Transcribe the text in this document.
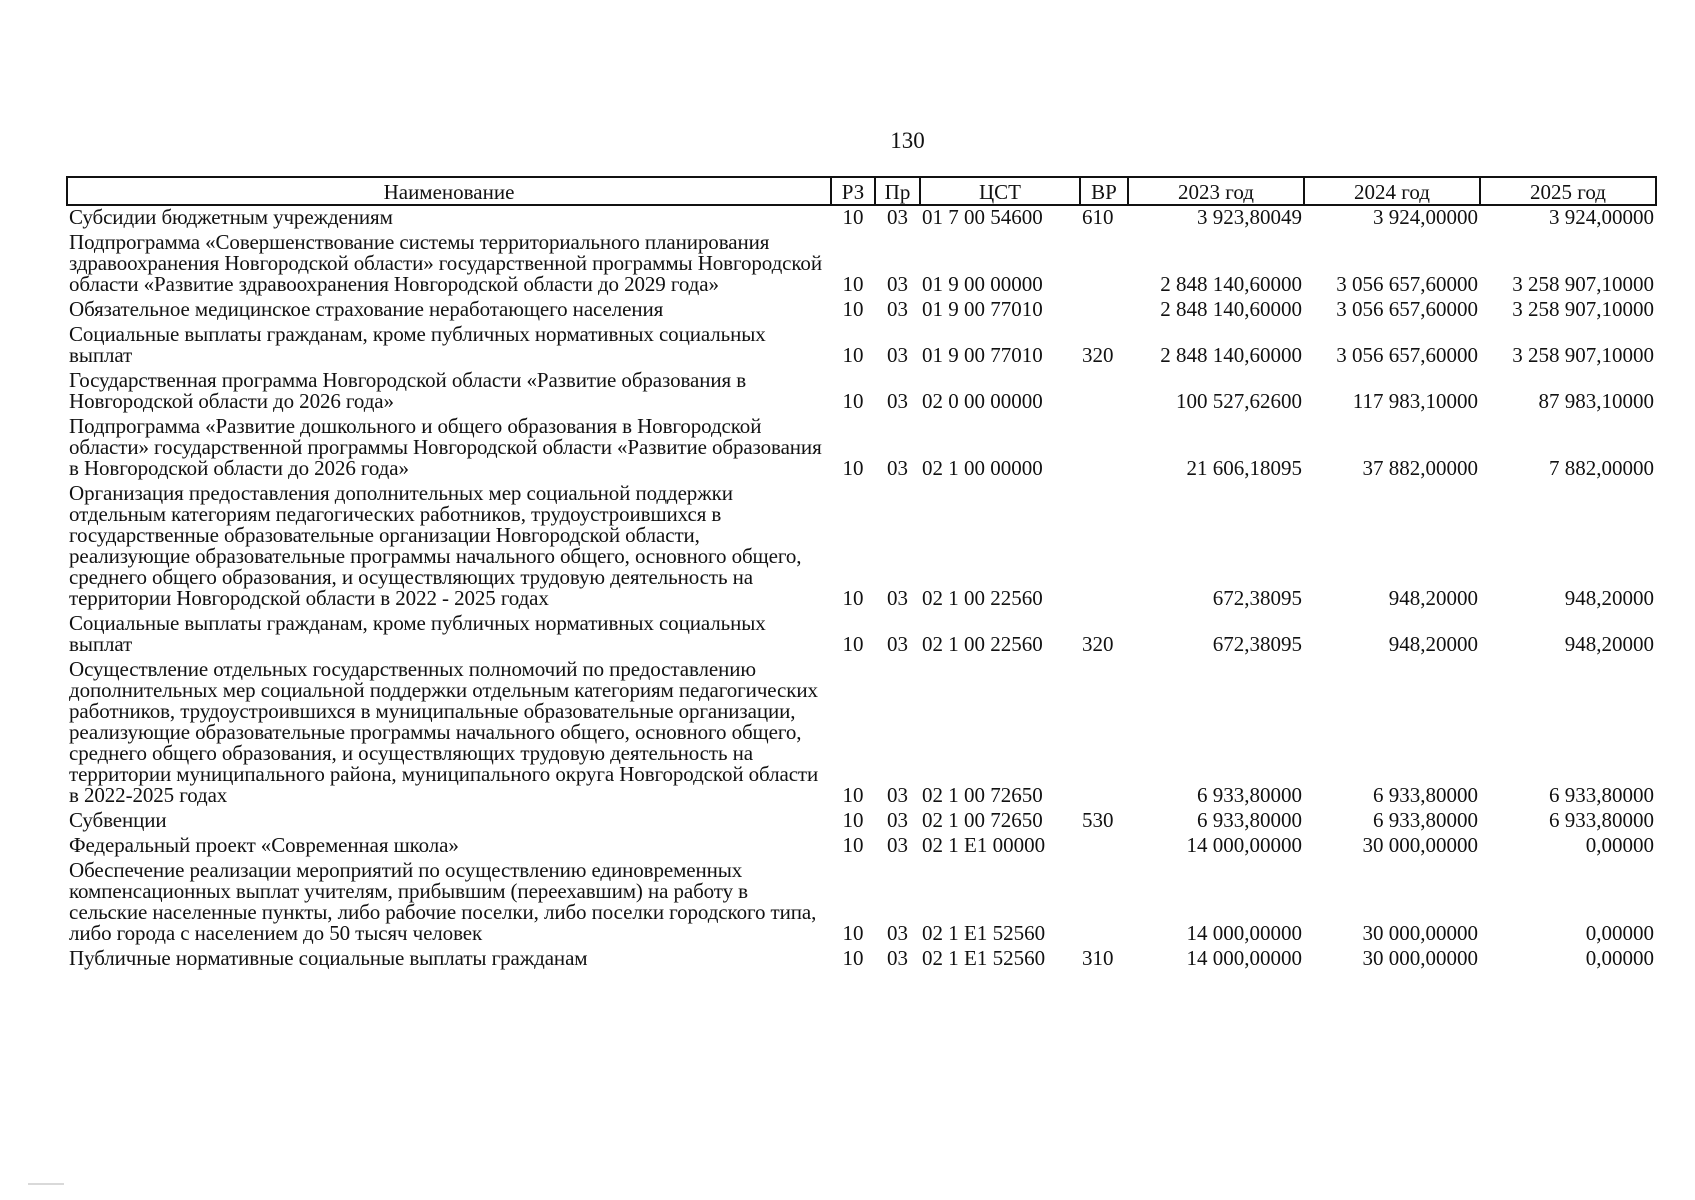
130
Наименование	РЗ	Пр	ЦСТ	ВР	2023 год	2024 год	2025 год
Субсидии бюджетным учреждениям	10	03	01 7 00 54600	610	3 923,80049	3 924,00000	3 924,00000
Подпрограмма «Совершенствование системы территориального планирования здравоохранения Новгородской области» государственной программы Новгородской области «Развитие здравоохранения Новгородской области до 2029 года»	10	03	01 9 00 00000		2 848 140,60000	3 056 657,60000	3 258 907,10000
Обязательное медицинское страхование неработающего населения	10	03	01 9 00 77010		2 848 140,60000	3 056 657,60000	3 258 907,10000
Социальные выплаты гражданам, кроме публичных нормативных социальных выплат	10	03	01 9 00 77010	320	2 848 140,60000	3 056 657,60000	3 258 907,10000
Государственная программа Новгородской области «Развитие образования в Новгородской области до 2026 года»	10	03	02 0 00 00000		100 527,62600	117 983,10000	87 983,10000
Подпрограмма «Развитие дошкольного и общего образования в Новгородской области» государственной программы Новгородской области «Развитие образования в Новгородской области до 2026 года»	10	03	02 1 00 00000		21 606,18095	37 882,00000	7 882,00000
Организация предоставления дополнительных мер социальной поддержки отдельным категориям педагогических работников, трудоустроившихся в государственные образовательные организации Новгородской области, реализующие образовательные программы начального общего, основного общего, среднего общего образования, и осуществляющих трудовую деятельность на территории Новгородской области в 2022 - 2025 годах	10	03	02 1 00 22560		672,38095	948,20000	948,20000
Социальные выплаты гражданам, кроме публичных нормативных социальных выплат	10	03	02 1 00 22560	320	672,38095	948,20000	948,20000
Осуществление отдельных государственных полномочий по предоставлению дополнительных мер социальной поддержки отдельным категориям педагогических работников, трудоустроившихся в муниципальные образовательные организации, реализующие образовательные программы начального общего, основного общего, среднего общего образования, и осуществляющих трудовую деятельность на территории муниципального района, муниципального округа Новгородской области в 2022-2025 годах	10	03	02 1 00 72650		6 933,80000	6 933,80000	6 933,80000
Субвенции	10	03	02 1 00 72650	530	6 933,80000	6 933,80000	6 933,80000
Федеральный проект «Современная школа»	10	03	02 1 Е1 00000		14 000,00000	30 000,00000	0,00000
Обеспечение реализации мероприятий по осуществлению единовременных компенсационных выплат учителям, прибывшим (переехавшим) на работу в сельские населенные пункты, либо рабочие поселки, либо поселки городского типа, либо города с населением до 50 тысяч человек	10	03	02 1 Е1 52560		14 000,00000	30 000,00000	0,00000
Публичные нормативные социальные выплаты гражданам	10	03	02 1 Е1 52560	310	14 000,00000	30 000,00000	0,00000
